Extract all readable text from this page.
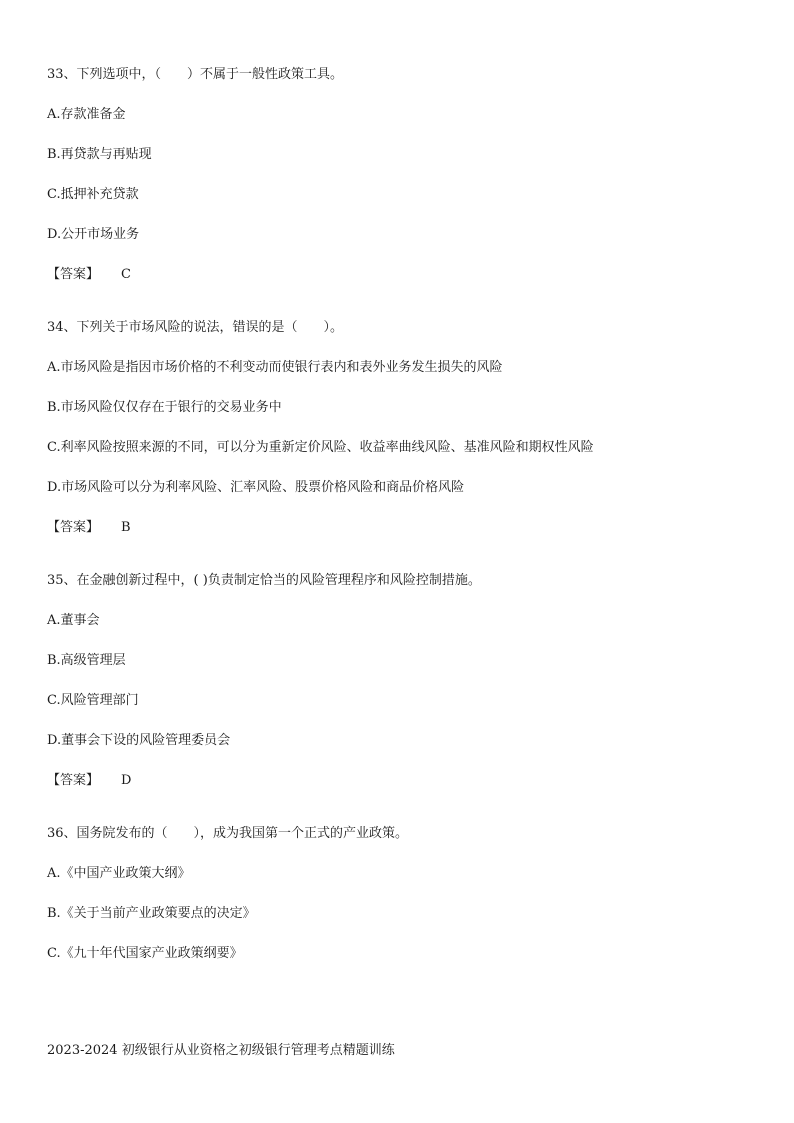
33、下列选项中，（　　）不属于一般性政策工具。
A.存款准备金
B.再贷款与再贴现
C.抵押补充贷款
D.公开市场业务
【答案】 C
34、下列关于市场风险的说法，错误的是（　　）。
A.市场风险是指因市场价格的不利变动而使银行表内和表外业务发生损失的风险
B.市场风险仅仅存在于银行的交易业务中
C.利率风险按照来源的不同，可以分为重新定价风险、收益率曲线风险、基准风险和期权性风险
D.市场风险可以分为利率风险、汇率风险、股票价格风险和商品价格风险
【答案】 B
35、在金融创新过程中，( )负责制定恰当的风险管理程序和风险控制措施。
A.董事会
B.高级管理层
C.风险管理部门
D.董事会下设的风险管理委员会
【答案】 D
36、国务院发布的（　　），成为我国第一个正式的产业政策。
A.《中国产业政策大纲》
B.《关于当前产业政策要点的决定》
C.《九十年代国家产业政策纲要》
2023-2024 初级银行从业资格之初级银行管理考点精题训练
